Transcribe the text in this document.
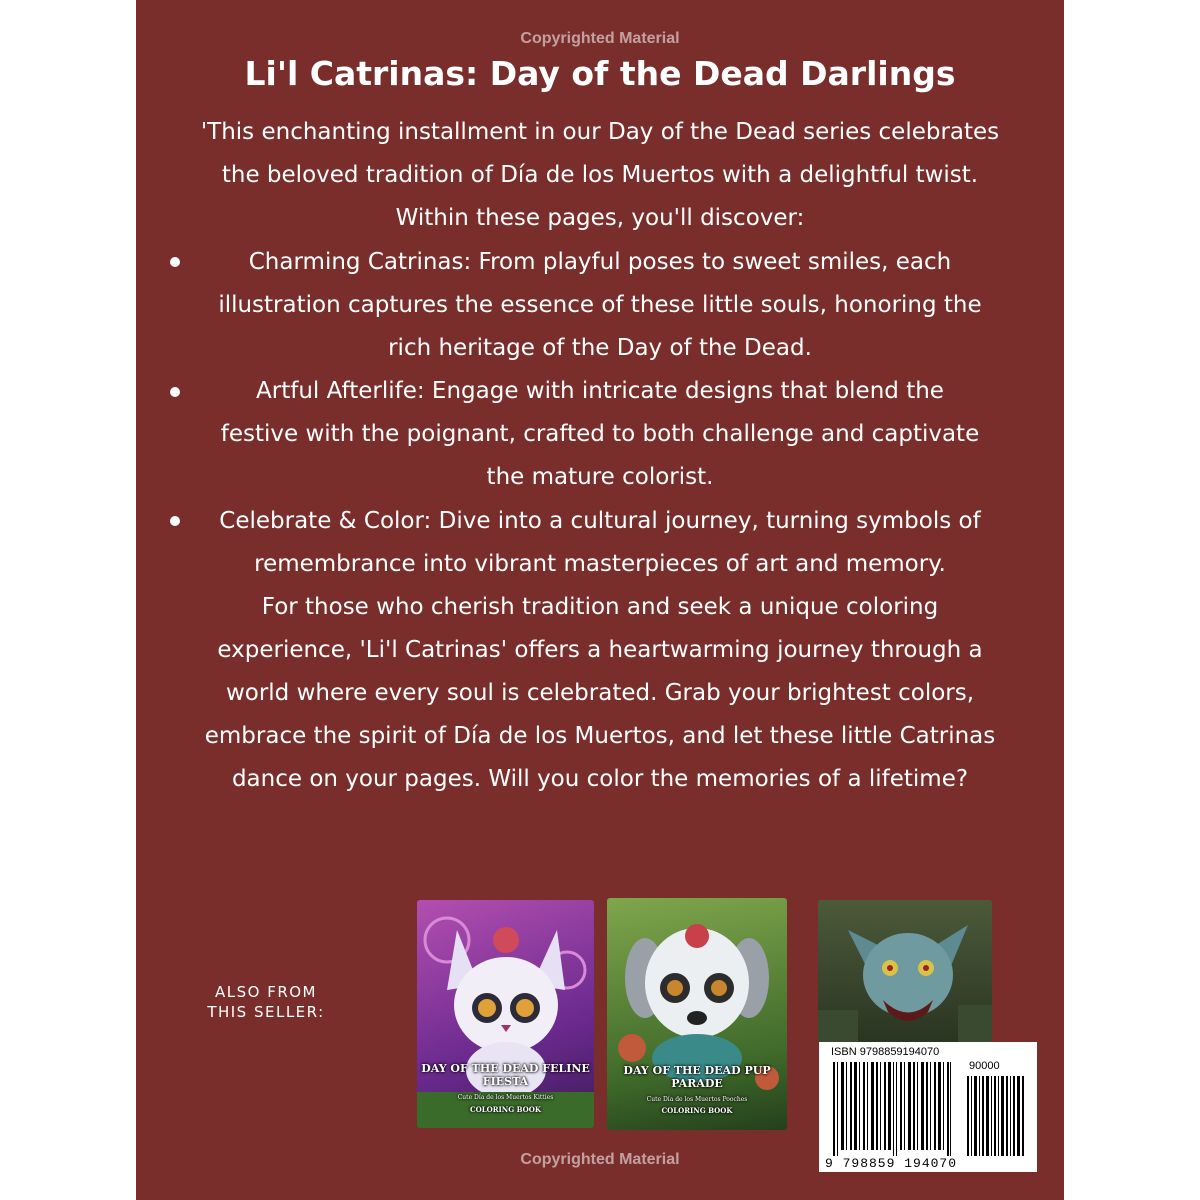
Copyrighted Material
Li'l Catrinas: Day of the Dead Darlings
'This enchanting installment in our Day of the Dead series celebrates
the beloved tradition of Día de los Muertos with a delightful twist.
Within these pages, you'll discover:
Charming Catrinas: From playful poses to sweet smiles, each
illustration captures the essence of these little souls, honoring the
rich heritage of the Day of the Dead.
Artful Afterlife: Engage with intricate designs that blend the
festive with the poignant, crafted to both challenge and captivate
the mature colorist.
Celebrate & Color: Dive into a cultural journey, turning symbols of
remembrance into vibrant masterpieces of art and memory.
For those who cherish tradition and seek a unique coloring
experience, 'Li'l Catrinas' offers a heartwarming journey through a
world where every soul is celebrated. Grab your brightest colors,
embrace the spirit of Día de los Muertos, and let these little Catrinas
dance on your pages. Will you color the memories of a lifetime?
ALSO FROM THIS SELLER:
DAY OF THE DEAD FELINE FIESTA
Cute Día de los Muertos Kitties
COLORING BOOK
DAY OF THE DEAD PUP PARADE
Cute Día de los Muertos Pooches
COLORING BOOK
ISBN 9798859194070
90000
9 798859 194070
Copyrighted Material
